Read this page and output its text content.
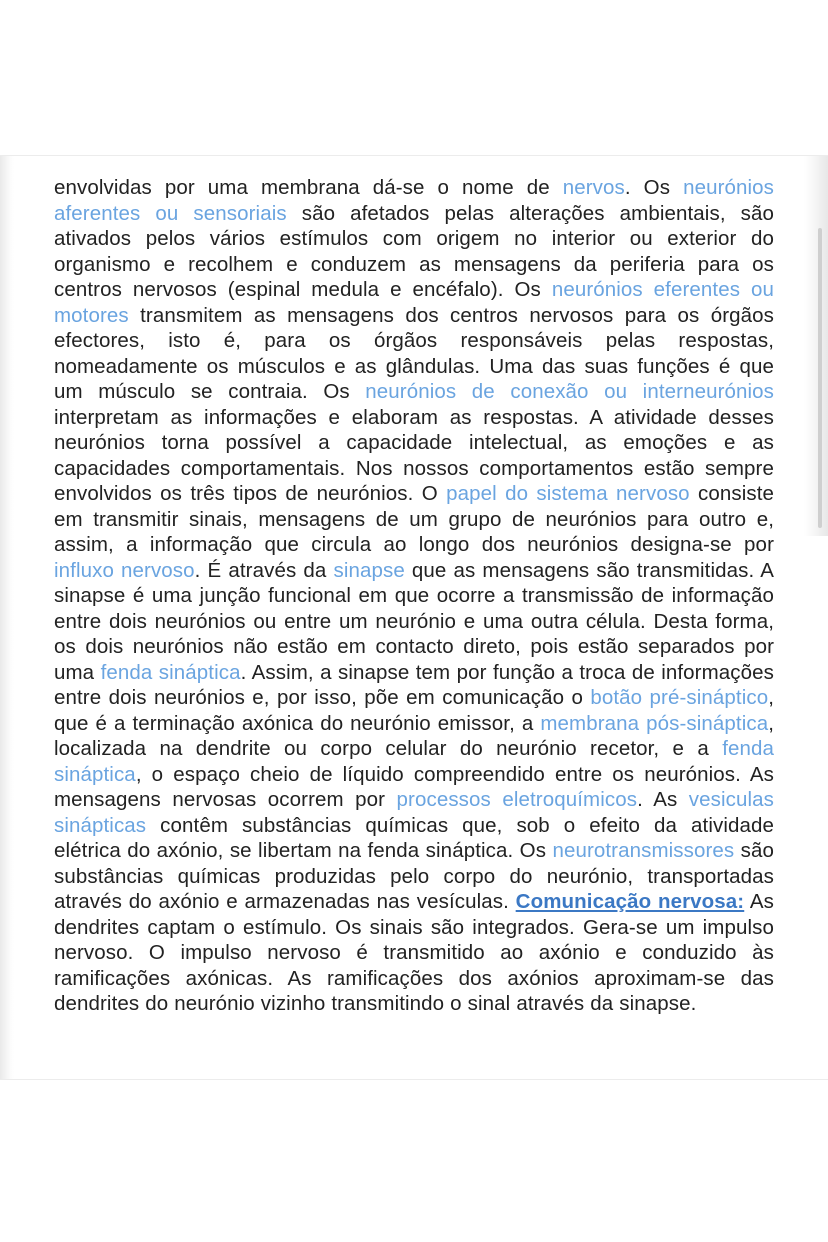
envolvidas por uma membrana dá-se o nome de nervos. Os neurónios aferentes ou sensoriais são afetados pelas alterações ambientais, são ativados pelos vários estímulos com origem no interior ou exterior do organismo e recolhem e conduzem as mensagens da periferia para os centros nervosos (espinal medula e encéfalo). Os neurónios eferentes ou motores transmitem as mensagens dos centros nervosos para os órgãos efectores, isto é, para os órgãos responsáveis pelas respostas, nomeadamente os músculos e as glândulas. Uma das suas funções é que um músculo se contraia. Os neurónios de conexão ou interneurónios interpretam as informações e elaboram as respostas. A atividade desses neurónios torna possível a capacidade intelectual, as emoções e as capacidades comportamentais. Nos nossos comportamentos estão sempre envolvidos os três tipos de neurónios. O papel do sistema nervoso consiste em transmitir sinais, mensagens de um grupo de neurónios para outro e, assim, a informação que circula ao longo dos neurónios designa-se por influxo nervoso. É através da sinapse que as mensagens são transmitidas. A sinapse é uma junção funcional em que ocorre a transmissão de informação entre dois neurónios ou entre um neurónio e uma outra célula. Desta forma, os dois neurónios não estão em contacto direto, pois estão separados por uma fenda sináptica. Assim, a sinapse tem por função a troca de informações entre dois neurónios e, por isso, põe em comunicação o botão pré-sináptico, que é a terminação axónica do neurónio emissor, a membrana pós-sináptica, localizada na dendrite ou corpo celular do neurónio recetor, e a fenda sináptica, o espaço cheio de líquido compreendido entre os neurónios. As mensagens nervosas ocorrem por processos eletroquímicos. As vesiculas sinápticas contêm substâncias químicas que, sob o efeito da atividade elétrica do axónio, se libertam na fenda sináptica. Os neurotransmissores são substâncias químicas produzidas pelo corpo do neurónio, transportadas através do axónio e armazenadas nas vesículas. Comunicação nervosa: As dendrites captam o estímulo. Os sinais são integrados. Gera-se um impulso nervoso. O impulso nervoso é transmitido ao axónio e conduzido às ramificações axónicas. As ramificações dos axónios aproximam-se das dendrites do neurónio vizinho transmitindo o sinal através da sinapse.
